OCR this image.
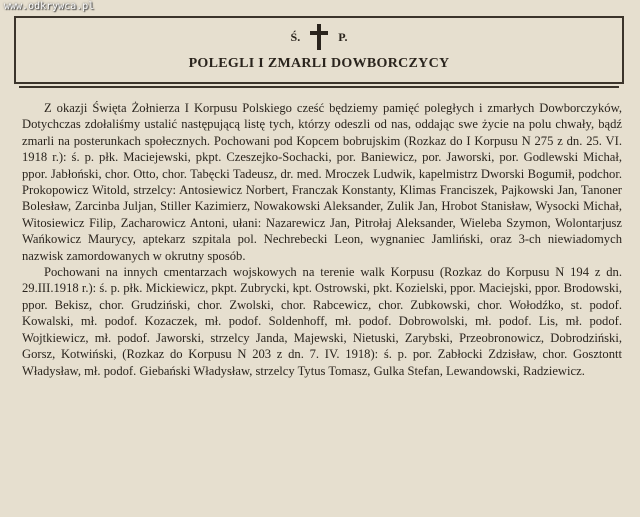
www.odkrywca.pl
Ś.	P.
POLEGLI I ZMARLI DOWBORCZYCY

Z okazji Święta Żołnierza I Korpusu Polskiego cześć będziemy pamięć poległych i zmarłych Dowborczyków, Dotychczas zdołaliśmy ustalić następującą listę tych, którzy odeszli od nas, oddając swe życie na polu chwały, bądź zmarli na posterunkach społecznych. Pochowani pod Kopcem bobrujskim (Rozkaz do I Korpusu N 275 z dn. 25. VI. 1918 r.): ś. p. płk. Maciejewski, pkpt. Czeszejko-Sochacki, por. Baniewicz, por. Jaworski, por. Godlewski Michał, ppor. Jabłoński, chor. Otto, chor. Tabęcki Tadeusz, dr. med. Mroczek Ludwik, kapelmistrz Dworski Bogumił, podchor. Prokopowicz Witold, strzelcy: Antosiewicz Norbert, Franczak Konstanty, Klimas Franciszek, Pajkowski Jan, Tanoner Bolesław, Zarcinba Juljan, Stiller Kazimierz, Nowakowski Aleksander, Zulik Jan, Hrobot Stanisław, Wysocki Michał, Witosiewicz Filip, Zacharowicz Antoni, ułani: Nazarewicz Jan, Pitrołaj Aleksander, Wieleba Szymon, Wolontarjusz Wańkowicz Maurycy, aptekarz szpitala pol. Nechrebecki Leon, wygnaniec Jamliński, oraz 3-ch niewiadomych nazwisk zamordowanych w okrutny sposób.

Pochowani na innych cmentarzach wojskowych na terenie walk Korpusu (Rozkaz do Korpusu N 194 z dn. 29.III.1918 r.): ś. p. płk. Mickiewicz, pkpt. Zubrycki, kpt. Ostrowski, pkt. Kozielski, ppor. Maciejski, ppor. Brodowski, ppor. Bekisz, chor. Grudziński, chor. Zwolski, chor. Rabcewicz, chor. Zubkowski, chor. Wołodźko, st. podof. Kowalski, mł. podof. Kozaczek, mł. podof. Soldenhoff, mł. podof. Dobrowolski, mł. podof. Lis, mł. podof. Wojtkiewicz, mł. podof. Jaworski, strzelcy Janda, Majewski, Nietuski, Zarybski, Przeobronowicz, Dobrodziński, Gorsz, Kotwiński, (Rozkaz do Korpusu N 203 z dn. 7. IV. 1918): ś. p. por. Zabłocki Zdzisław, chor. Gosztontt Władysław, mł. podof. Giebański Władysław, strzelcy Tytus Tomasz, Gulka Stefan, Lewandowski, Radziewicz.
